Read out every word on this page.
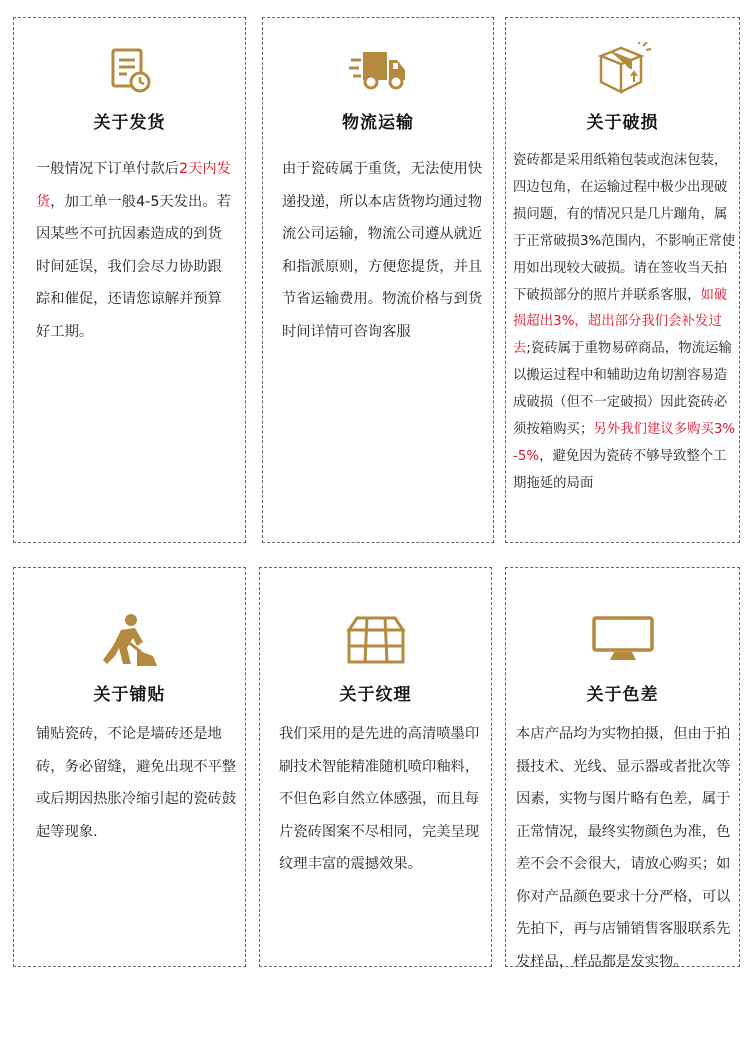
关于发货
一般情况下订单付款后2天内发货，加工单一般4-5天发出。若因某些不可抗因素造成的到货时间延误，我们会尽力协助跟踪和催促，还请您谅解并预算好工期。
物流运输
由于瓷砖属于重货，无法使用快递投递，所以本店货物均通过物流公司运输，物流公司遵从就近和指派原则，方便您提货，并且节省运输费用。物流价格与到货时间详情可咨询客服
关于破损
瓷砖都是采用纸箱包装或泡沫包装，四边包角，在运输过程中极少出现破损问题，有的情况只是几片蹦角，属于正常破损3%范围内，不影响正常使用如出现较大破损。请在签收当天拍下破损部分的照片并联系客服，如破损超出3%，超出部分我们会补发过去;瓷砖属于重物易碎商品，物流运输以搬运过程中和辅助边角切割容易造成破损（但不一定破损）因此瓷砖必须按箱购买；另外我们建议多购买3%-5%，避免因为瓷砖不够导致整个工期拖延的局面
关于铺贴
铺贴瓷砖，不论是墙砖还是地砖，务必留缝，避免出现不平整或后期因热胀冷缩引起的瓷砖鼓起等现象.
关于纹理
我们采用的是先进的高清喷墨印刷技术智能精准随机喷印釉料，不但色彩自然立体感强，而且每片瓷砖图案不尽相同，完美呈现纹理丰富的震撼效果。
关于色差
本店产品均为实物拍摄，但由于拍摄技术、光线、显示器或者批次等因素，实物与图片略有色差，属于正常情况，最终实物颜色为准，色差不会不会很大，请放心购买；如你对产品颜色要求十分严格，可以先拍下，再与店铺销售客服联系先发样品，样品都是发实物。
